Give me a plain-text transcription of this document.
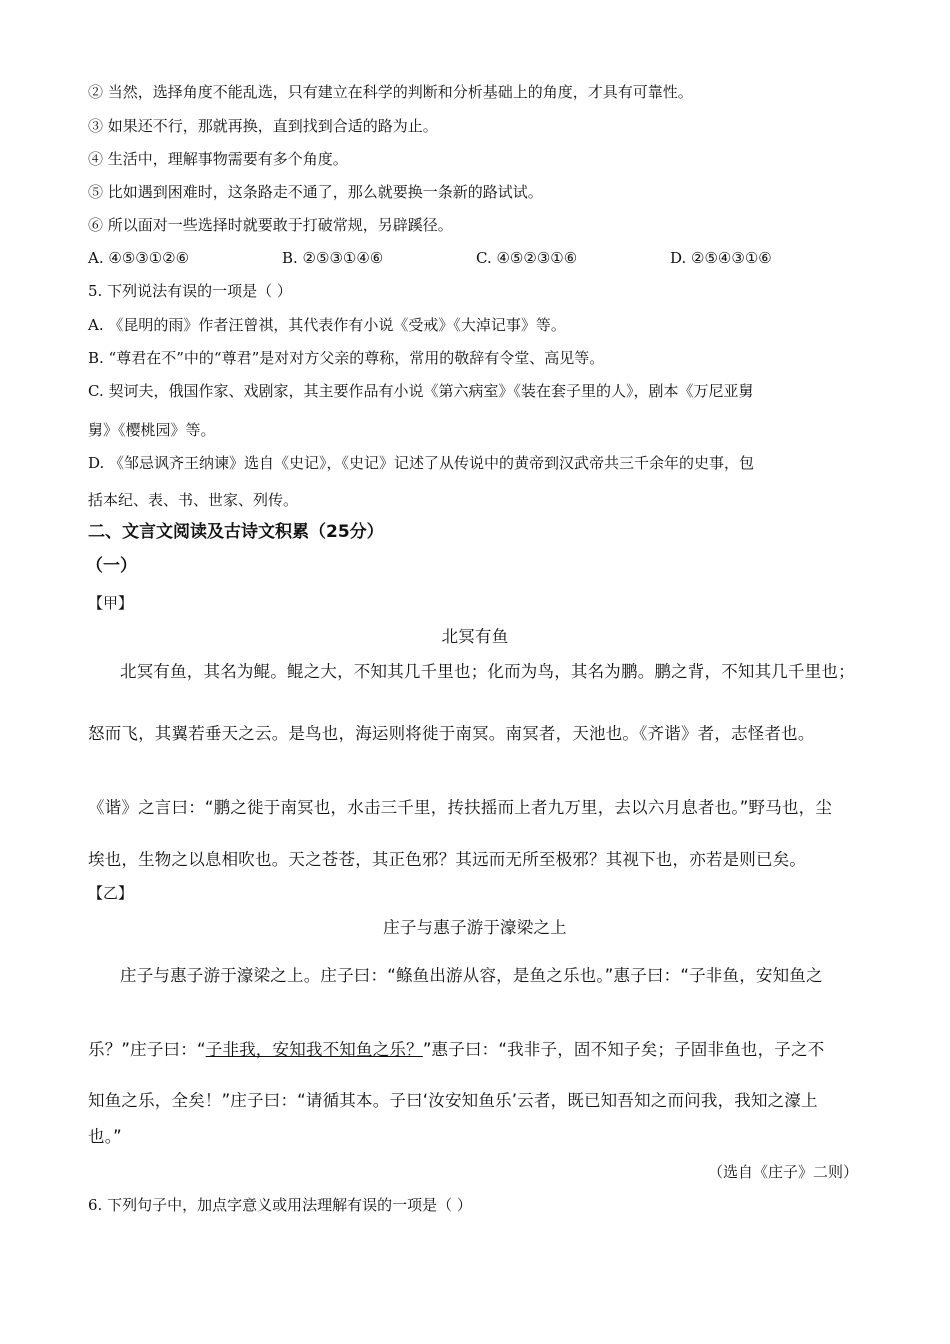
② 当然，选择角度不能乱选，只有建立在科学的判断和分析基础上的角度，才具有可靠性。
③ 如果还不行，那就再换，直到找到合适的路为止。
④ 生活中，理解事物需要有多个角度。
⑤ 比如遇到困难时，这条路走不通了，那么就要换一条新的路试试。
⑥ 所以面对一些选择时就要敢于打破常规，另辟蹊径。
A. ④⑤③①②⑥	B. ②⑤③①④⑥	C. ④⑤②③①⑥	D. ②⑤④③①⑥
5. 下列说法有误的一项是（ ）
A. 《昆明的雨》作者汪曾祺，其代表作有小说《受戒》《大淖记事》等。
B. “尊君在不”中的“尊君”是对对方父亲的尊称，常用的敬辞有令堂、高见等。
C. 契诃夫，俄国作家、戏剧家，其主要作品有小说《第六病室》《装在套子里的人》，剧本《万尼亚舅
舅》《樱桃园》等。
D. 《邹忌讽齐王纳谏》选自《史记》，《史记》记述了从传说中的黄帝到汉武帝共三千余年的史事，包
括本纪、表、书、世家、列传。
二、文言文阅读及古诗文积累（25分）
（一）
【甲】
北冥有鱼
北冥有鱼，其名为鲲。鲲之大，不知其几千里也；化而为鸟，其名为鹏。鹏之背，不知其几千里也；
怒而飞，其翼若垂天之云。是鸟也，海运则将徙于南冥。南冥者，天池也。《齐谐》者，志怪者也。
《谐》之言曰：“鹏之徙于南冥也，水击三千里，抟扶摇而上者九万里，去以六月息者也。”野马也，尘
埃也，生物之以息相吹也。天之苍苍，其正色邪？其远而无所至极邪？其视下也，亦若是则已矣。
【乙】
庄子与惠子游于濠梁之上
庄子与惠子游于濠梁之上。庄子曰：“鲦鱼出游从容，是鱼之乐也。”惠子曰：“子非鱼，安知鱼之
乐？”庄子曰：“子非我，安知我不知鱼之乐？”惠子曰：“我非子，固不知子矣；子固非鱼也，子之不
知鱼之乐，全矣！”庄子曰：“请循其本。子曰‘汝安知鱼乐’云者，既已知吾知之而问我，我知之濠上
也。”
（选自《庄子》二则）
6. 下列句子中，加点字意义或用法理解有误的一项是（ ）
